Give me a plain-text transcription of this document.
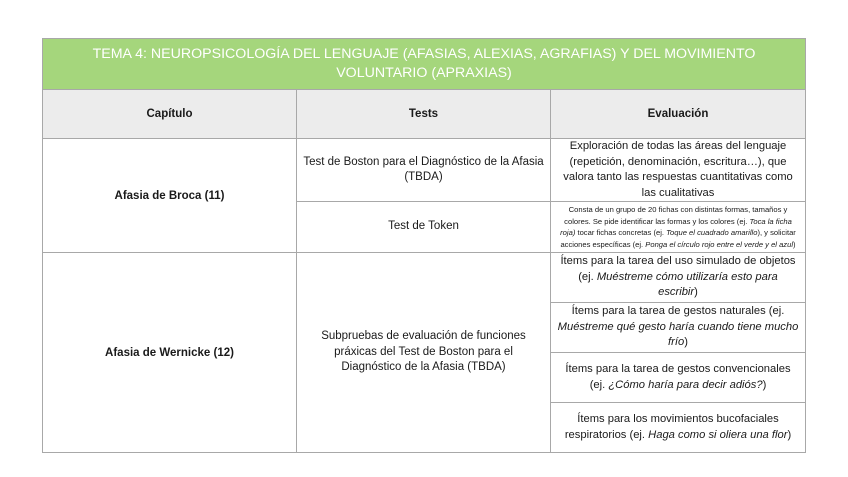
TEMA 4: NEUROPSICOLOGÍA DEL LENGUAJE (AFASIAS, ALEXIAS, AGRAFIAS) Y DEL MOVIMIENTO VOLUNTARIO (APRAXIAS)		
Capítulo	Tests	Evaluación
Afasia de Broca (11)	Test de Boston para el Diagnóstico de la Afasia (TBDA)	Exploración de todas las áreas del lenguaje (repetición, denominación, escritura…), que valora tanto las respuestas cuantitativas como las cualitativas
	Test de Token	Consta de un grupo de 20 fichas con distintas formas, tamaños y colores. Se pide identificar las formas y los colores (ej. Toca la ficha roja) tocar fichas concretas (ej. Toque el cuadrado amarillo), y solicitar acciones específicas (ej. Ponga el círculo rojo entre el verde y el azul)
Afasia de Wernicke (12)	Subpruebas de evaluación de funciones práxicas del Test de Boston para el Diagnóstico de la Afasia (TBDA)	Ítems para la tarea del uso simulado de objetos (ej. Muéstreme cómo utilizaría esto para escribir)
		Ítems para la tarea de gestos naturales (ej. Muéstreme qué gesto haría cuando tiene mucho frío)
		Ítems para la tarea de gestos convencionales (ej. ¿Cómo haría para decir adiós?)
		Ítems para los movimientos bucofaciales respiratorios (ej. Haga como si oliera una flor)
